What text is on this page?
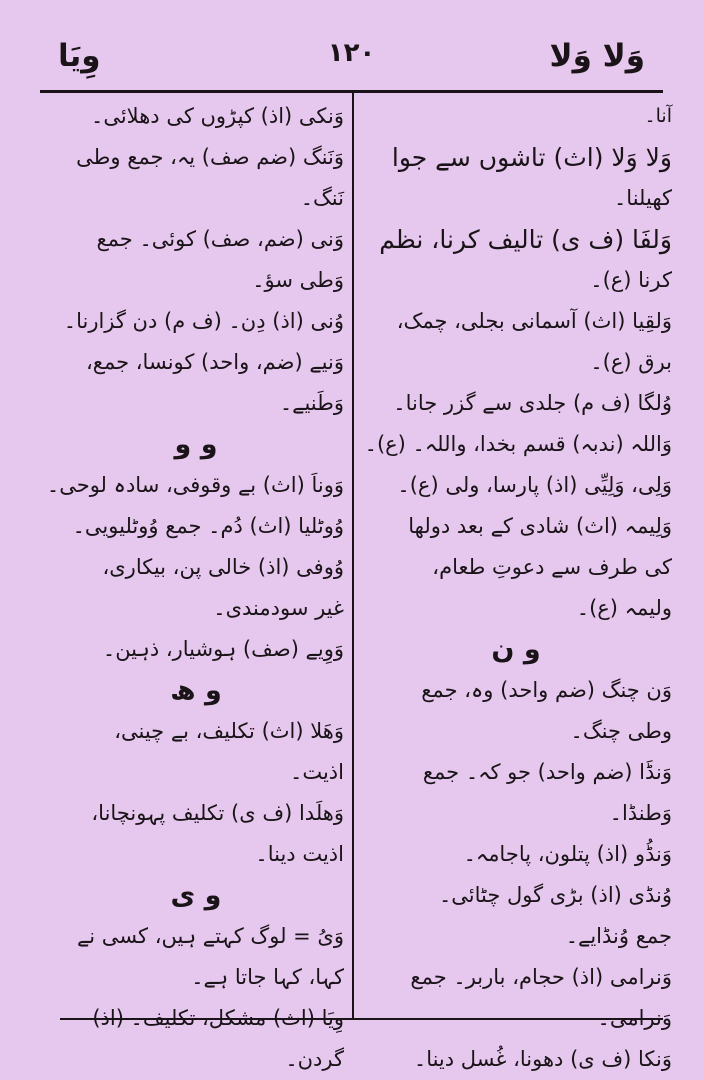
وَلا وَلا
۱۲۰
وِیَا
آنا۔
وَلا وَلا (اث) تاشوں سے جوا
کھیلنا۔
وَلفَا (ف ی) تالیف کرنا، نظم
کرنا (ع)۔
وَلقِیا (اث) آسمانی بجلی، چمک،
برق (ع)۔
وُلگا (ف م) جلدی سے گزر جانا۔
وَاللہ (ندبہ) قسم بخدا، واللہ۔ (ع)۔
وَلِی، وَلِیِّی (اذ) پارسا، ولی (ع)۔
وَلِیمہ (اث) شادی کے بعد دولھا
کی طرف سے دعوتِ طعام،
ولیمہ (ع)۔
و ن
وَن چنگ (ضم واحد) وہ، جمع
وطی چنگ۔
وَنڈَا (ضم واحد) جو کہ۔ جمع
وَطنڈا۔
وَنڈُو (اذ) پتلون، پاجامہ۔
وُنڈی (اذ) بڑی گول چٹائی۔
جمع وُنڈایے۔
وَنرامی (اذ) حجام، باربر۔ جمع
وَنرامی۔
وَنکا (ف ی) دھونا، غُسل دینا۔
وَنکی (اذ) کپڑوں کی دھلائی۔
وَنَنگ (ضم صف) یہ، جمع وطی
نَنگ۔
وَنی (ضم، صف) کوئی۔ جمع
وَطی سؤ۔
وُنی (اذ) دِن۔ (ف م) دن گزارنا۔
وَنیے (ضم، واحد) کونسا، جمع،
وَطَنیے۔
و و
وَوناَ (اث) بے وقوفی، سادہ لوحی۔
وُوٹلیا (اث) دُم۔ جمع وُوٹلیویی۔
وُوفی (اذ) خالی پن، بیکاری،
غیر سودمندی۔
وَوِیے (صف) ہوشیار، ذہین۔
و ھ
وَھَلا (اث) تکلیف، بے چینی،
اذیت۔
وَھلَدا (ف ی) تکلیف پہونچانا،
اذیت دینا۔
و ی
وَیُ = لوگ کہتے ہیں، کسی نے
کہا، کہا جاتا ہے۔
وِیَا (اث) مشکل، تکلیف۔ (اذ)
گردن۔
